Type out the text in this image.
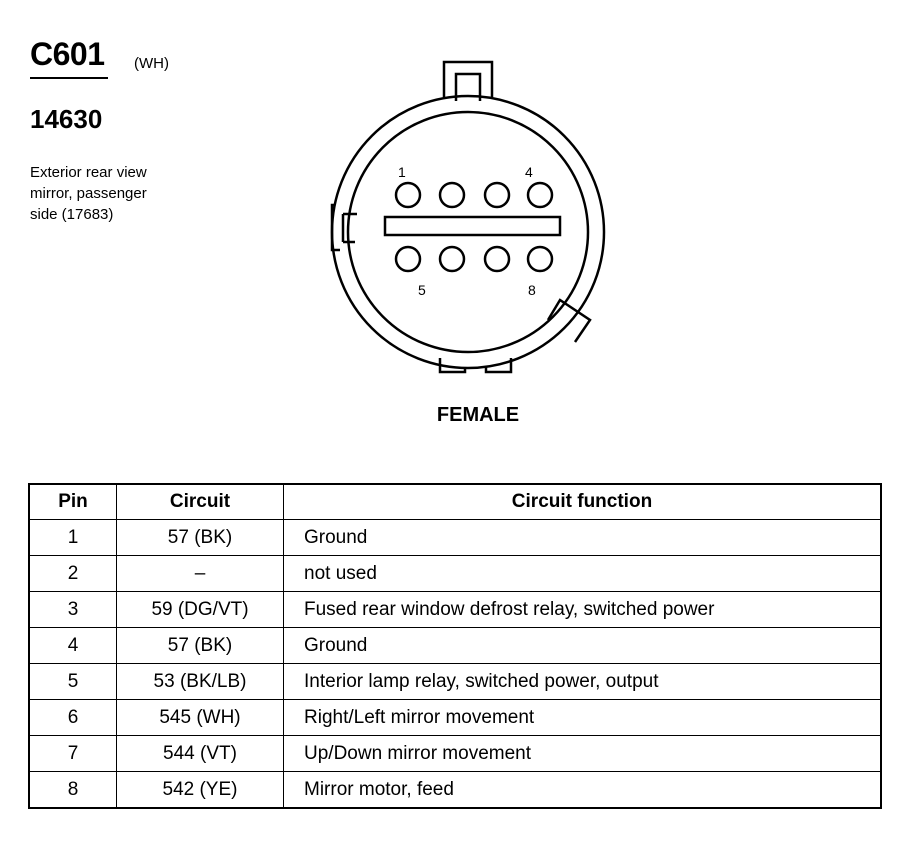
C601 (WH)
14630
Exterior rear view
mirror, passenger
side (17683)
1	4
5	8
FEMALE
Pin	Circuit	Circuit function
1	57 (BK)	Ground
2	–	not used
3	59 (DG/VT)	Fused rear window defrost relay, switched power
4	57 (BK)	Ground
5	53 (BK/LB)	Interior lamp relay, switched power, output
6	545 (WH)	Right/Left mirror movement
7	544 (VT)	Up/Down mirror movement
8	542 (YE)	Mirror motor, feed
